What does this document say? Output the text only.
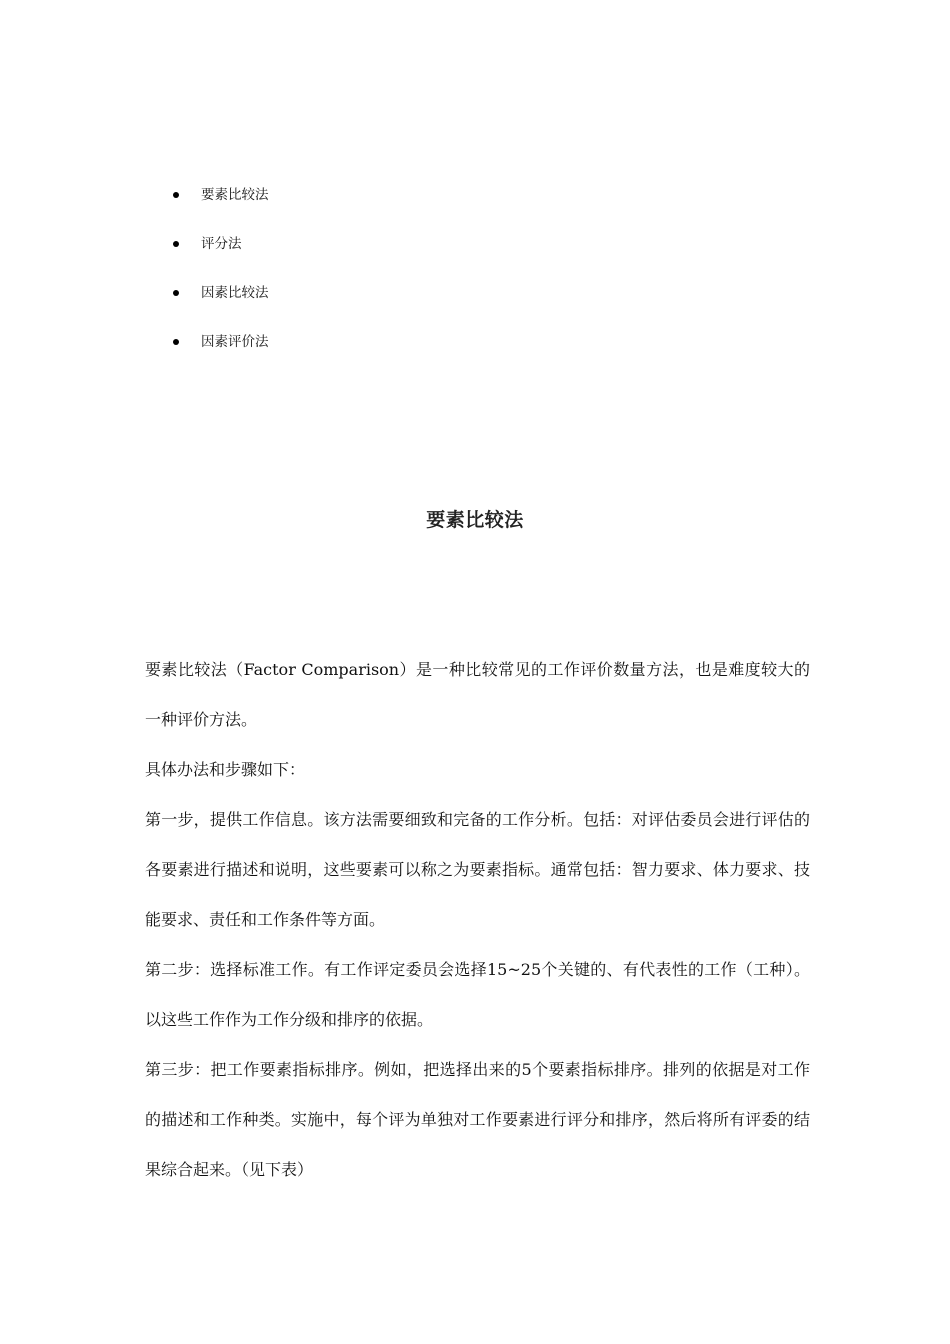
要素比较法
评分法
因素比较法
因素评价法
要素比较法

要素比较法（Factor Comparison）是一种比较常见的工作评价数量方法，也是难度较大的一种评价方法。

具体办法和步骤如下：

第一步，提供工作信息。该方法需要细致和完备的工作分析。包括：对评估委员会进行评估的各要素进行描述和说明，这些要素可以称之为要素指标。通常包括：智力要求、体力要求、技能要求、责任和工作条件等方面。

第二步：选择标准工作。有工作评定委员会选择15~25个关键的、有代表性的工作（工种）。以这些工作作为工作分级和排序的依据。

第三步：把工作要素指标排序。例如，把选择出来的5个要素指标排序。排列的依据是对工作的描述和工作种类。实施中，每个评为单独对工作要素进行评分和排序，然后将所有评委的结果综合起来。（见下表）
